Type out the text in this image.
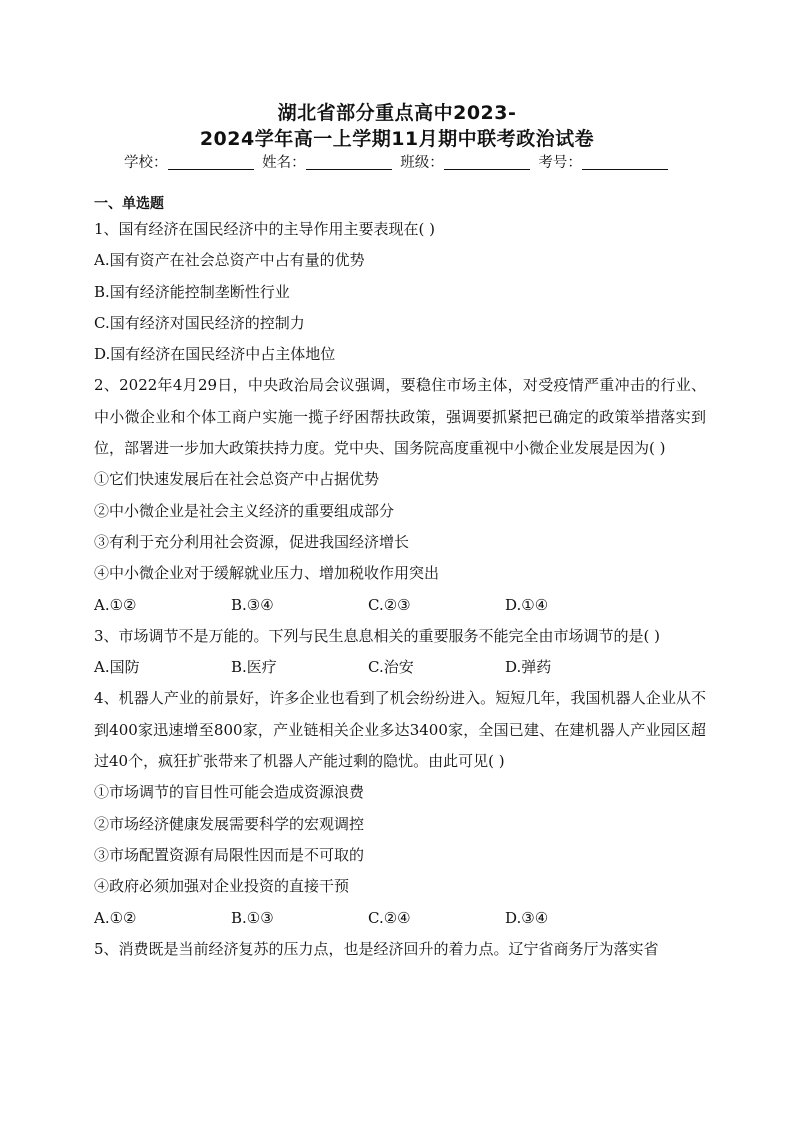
湖北省部分重点高中2023-
2024学年高一上学期11月期中联考政治试卷
学校：	姓名：	班级：	考号：
一、单选题
1、国有经济在国民经济中的主导作用主要表现在( )
A.国有资产在社会总资产中占有量的优势
B.国有经济能控制垄断性行业
C.国有经济对国民经济的控制力
D.国有经济在国民经济中占主体地位
2、2022年4月29日，中央政治局会议强调，要稳住市场主体，对受疫情严重冲击的行业、中小微企业和个体工商户实施一揽子纾困帮扶政策，强调要抓紧把已确定的政策举措落实到位，部署进一步加大政策扶持力度。党中央、国务院高度重视中小微企业发展是因为( )
①它们快速发展后在社会总资产中占据优势
②中小微企业是社会主义经济的重要组成部分
③有利于充分利用社会资源，促进我国经济增长
④中小微企业对于缓解就业压力、增加税收作用突出
A.①②	B.③④	C.②③	D.①④
3、市场调节不是万能的。下列与民生息息相关的重要服务不能完全由市场调节的是( )
A.国防	B.医疗	C.治安	D.弹药
4、机器人产业的前景好，许多企业也看到了机会纷纷进入。短短几年，我国机器人企业从不到400家迅速增至800家，产业链相关企业多达3400家，全国已建、在建机器人产业园区超过40个，疯狂扩张带来了机器人产能过剩的隐忧。由此可见( )
①市场调节的盲目性可能会造成资源浪费
②市场经济健康发展需要科学的宏观调控
③市场配置资源有局限性因而是不可取的
④政府必须加强对企业投资的直接干预
A.①②	B.①③	C.②④	D.③④
5、消费既是当前经济复苏的压力点，也是经济回升的着力点。辽宁省商务厅为落实省
